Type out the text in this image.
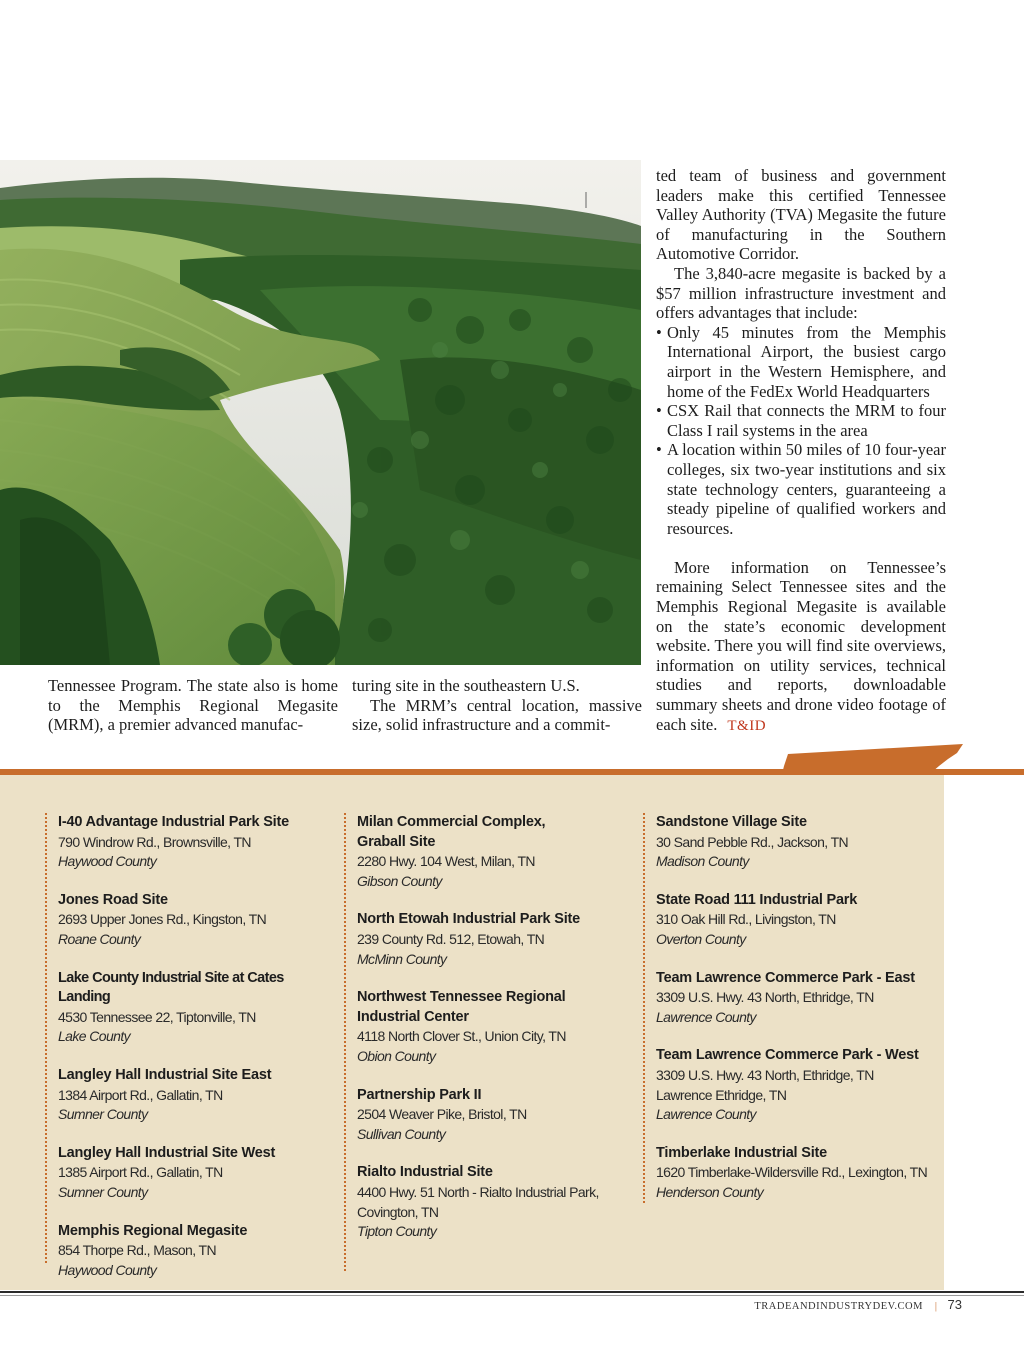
ted team of business and government leaders make this certified Tennessee Valley Authority (TVA) Megasite the future of manufacturing in the Southern Automotive Corridor.

The 3,840-acre megasite is backed by a $57 million infrastructure investment and offers advantages that include:

• Only 45 minutes from the Memphis International Airport, the busiest cargo airport in the Western Hemisphere, and home of the FedEx World Headquarters
• CSX Rail that connects the MRM to four Class I rail systems in the area
• A location within 50 miles of 10 four-year colleges, six two-year institutions and six state technology centers, guaranteeing a steady pipeline of qualified workers and resources.

More information on Tennessee’s remaining Select Tennessee sites and the Memphis Regional Megasite is available on the state’s economic development website. There you will find site overviews, information on utility services, technical studies and reports, downloadable summary sheets and drone video footage of each site. T&ID

Tennessee Program. The state also is home to the Memphis Regional Megasite (MRM), a premier advanced manufac-

turing site in the southeastern U.S.

The MRM’s central location, massive size, solid infrastructure and a commit-

I-40 Advantage Industrial Park Site
790 Windrow Rd., Brownsville, TN
Haywood County
Jones Road Site
2693 Upper Jones Rd., Kingston, TN
Roane County
Lake County Industrial Site at Cates Landing
4530 Tennessee 22, Tiptonville, TN
Lake County
Langley Hall Industrial Site East
1384 Airport Rd., Gallatin, TN
Sumner County
Langley Hall Industrial Site West
1385 Airport Rd., Gallatin, TN
Sumner County
Memphis Regional Megasite
854 Thorpe Rd., Mason, TN
Haywood County
Milan Commercial Complex, Graball Site
2280 Hwy. 104 West, Milan, TN
Gibson County
North Etowah Industrial Park Site
239 County Rd. 512, Etowah, TN
McMinn County
Northwest Tennessee Regional Industrial Center
4118 North Clover St., Union City, TN
Obion County
Partnership Park II
2504 Weaver Pike, Bristol, TN
Sullivan County
Rialto Industrial Site
4400 Hwy. 51 North - Rialto Industrial Park, Covington, TN
Tipton County
Sandstone Village Site
30 Sand Pebble Rd., Jackson, TN
Madison County
State Road 111 Industrial Park
310 Oak Hill Rd., Livingston, TN
Overton County
Team Lawrence Commerce Park - East
3309 U.S. Hwy. 43 North, Ethridge, TN
Lawrence County
Team Lawrence Commerce Park - West
3309 U.S. Hwy. 43 North, Ethridge, TN
Lawrence Ethridge, TN
Lawrence County
Timberlake Industrial Site
1620 Timberlake-Wildersville Rd., Lexington, TN
Henderson County
TRADEANDINDUSTRYDEV.COM | 73
